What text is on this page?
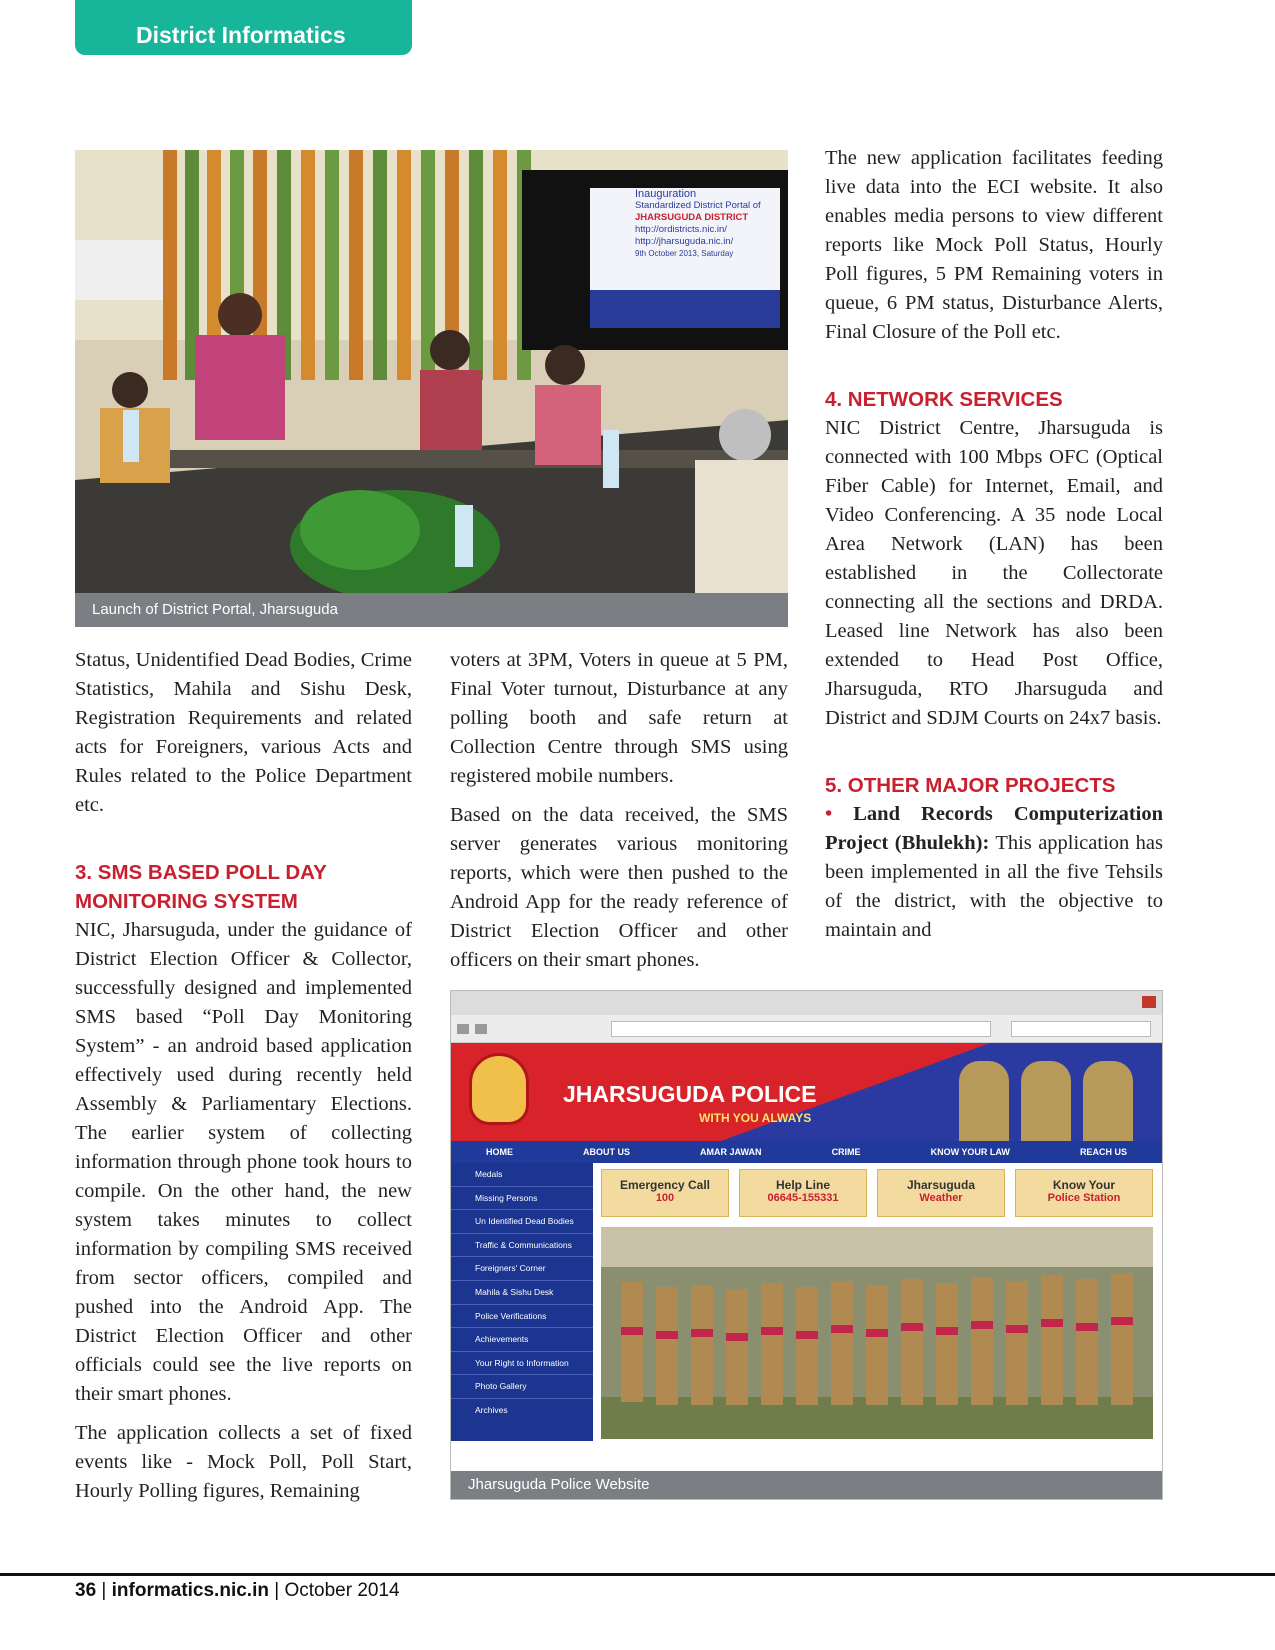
District Informatics
Inauguration
Standardized District Portal of
JHARSUGUDA DISTRICT
http://ordistricts.nic.in/
http://jharsuguda.nic.in/
9th October 2013, Saturday
Launch of District Portal, Jharsuguda

Status, Unidentified Dead Bodies, Crime Statistics, Mahila and Sishu Desk, Registration Requirements and related acts for Foreigners, various Acts and Rules related to the Police Department etc.

3. SMS BASED POLL DAY MONITORING SYSTEM

NIC, Jharsuguda, under the guidance of District Election Officer & Collector, successfully designed and implemented SMS based “Poll Day Monitoring System” - an android based application effectively used during recently held Assembly & Parliamentary Elections. The earlier system of collecting information through phone took hours to compile. On the other hand, the new system takes minutes to collect information by compiling SMS received from sector officers, compiled and pushed into the Android App. The District Election Officer and other officials could see the live reports on their smart phones.

The application collects a set of fixed events like - Mock Poll, Poll Start, Hourly Polling figures, Remaining

voters at 3PM, Voters in queue at 5 PM, Final Voter turnout, Disturbance at any polling booth and safe return at Collection Centre through SMS using registered mobile numbers.

Based on the data received, the SMS server generates various monitoring reports, which were then pushed to the Android App for the ready reference of District Election Officer and other officers on their smart phones.

The new application facilitates feeding live data into the ECI website. It also enables media persons to view different reports like Mock Poll Status, Hourly Poll figures, 5 PM Remaining voters in queue, 6 PM status, Disturbance Alerts, Final Closure of the Poll etc.

4. NETWORK SERVICES

NIC District Centre, Jharsuguda is connected with 100 Mbps OFC (Optical Fiber Cable) for Internet, Email, and Video Conferencing. A 35 node Local Area Network (LAN) has been established in the Collectorate connecting all the sections and DRDA. Leased line Network has also been extended to Head Post Office, Jharsuguda, RTO Jharsuguda and District and SDJM Courts on 24x7 basis.

5. OTHER MAJOR PROJECTS

• Land Records Computerization Project (Bhulekh): This application has been implemented in all the five Tehsils of the district, with the objective to maintain and

JHARSUGUDA POLICE
WITH YOU ALWAYS
HOME	ABOUT US	AMAR JAWAN	CRIME	KNOW YOUR LAW	REACH US
Medals
Missing Persons
Un Identified Dead Bodies
Traffic & Communications
Foreigners' Corner
Mahila & Sishu Desk
Police Verifications
Achievements
Your Right to Information
Photo Gallery
Archives
Emergency Call
100
Help Line
06645-155331
Jharsuguda
Weather
Know Your
Police Station
Jharsuguda Police Website
36 | informatics.nic.in | October 2014
